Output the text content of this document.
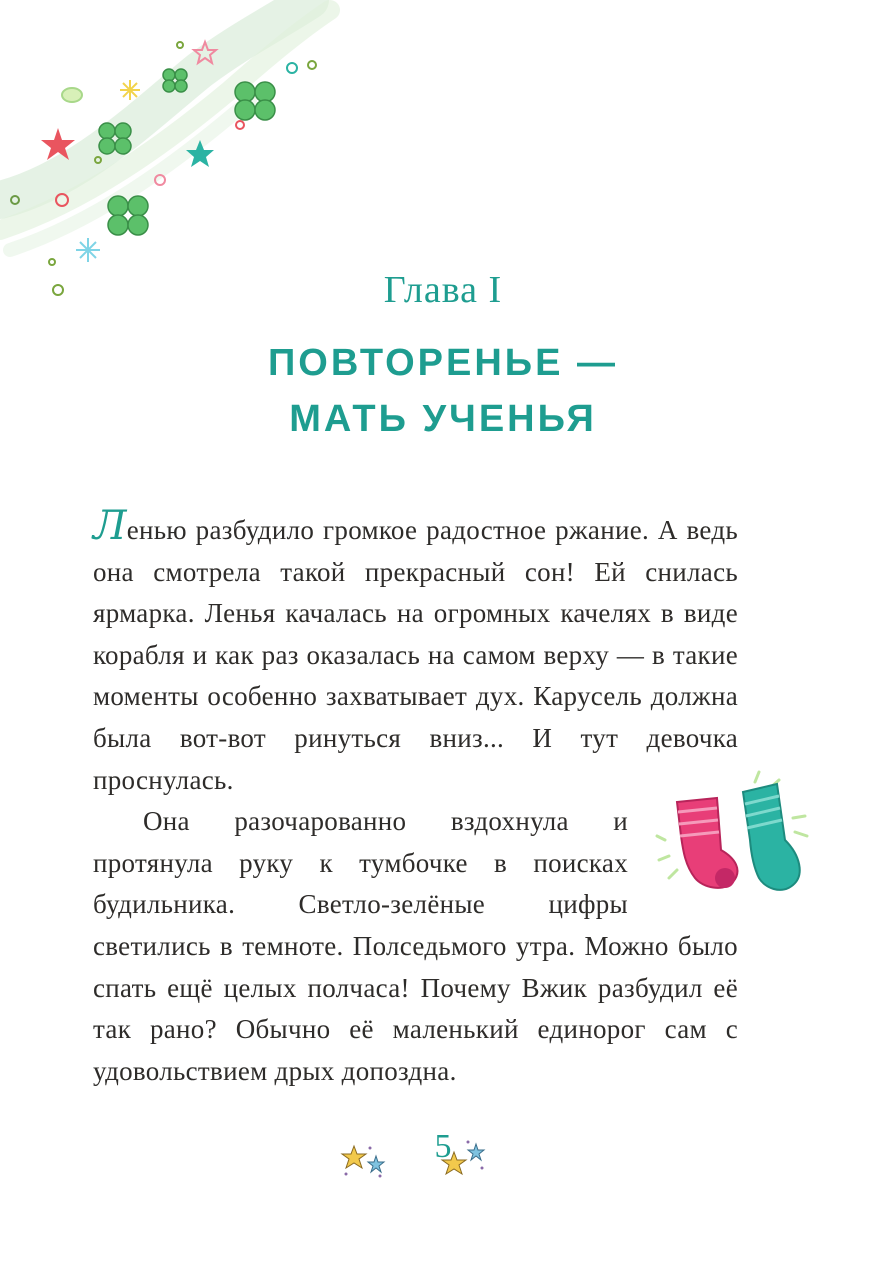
Глава I
ПОВТОРЕНЬЕ —
МАТЬ УЧЕНЬЯ

Ленью разбудило громкое радостное ржание. А ведь она смотрела такой прекрасный сон! Ей снилась ярмарка. Ленья качалась на огромных качелях в виде корабля и как раз оказалась на самом верху — в такие моменты особенно захватывает дух. Карусель должна была вот-вот ринуться вниз... И тут девочка проснулась.

Она разочарованно вздохнула и протянула руку к тумбочке в поисках будильника. Светло-зелёные цифры светились в темноте. Полседьмого утра. Можно было спать ещё целых полчаса! Почему Вжик разбудил её так рано? Обычно её маленький единорог сам с удовольствием дрых допоздна.

5
